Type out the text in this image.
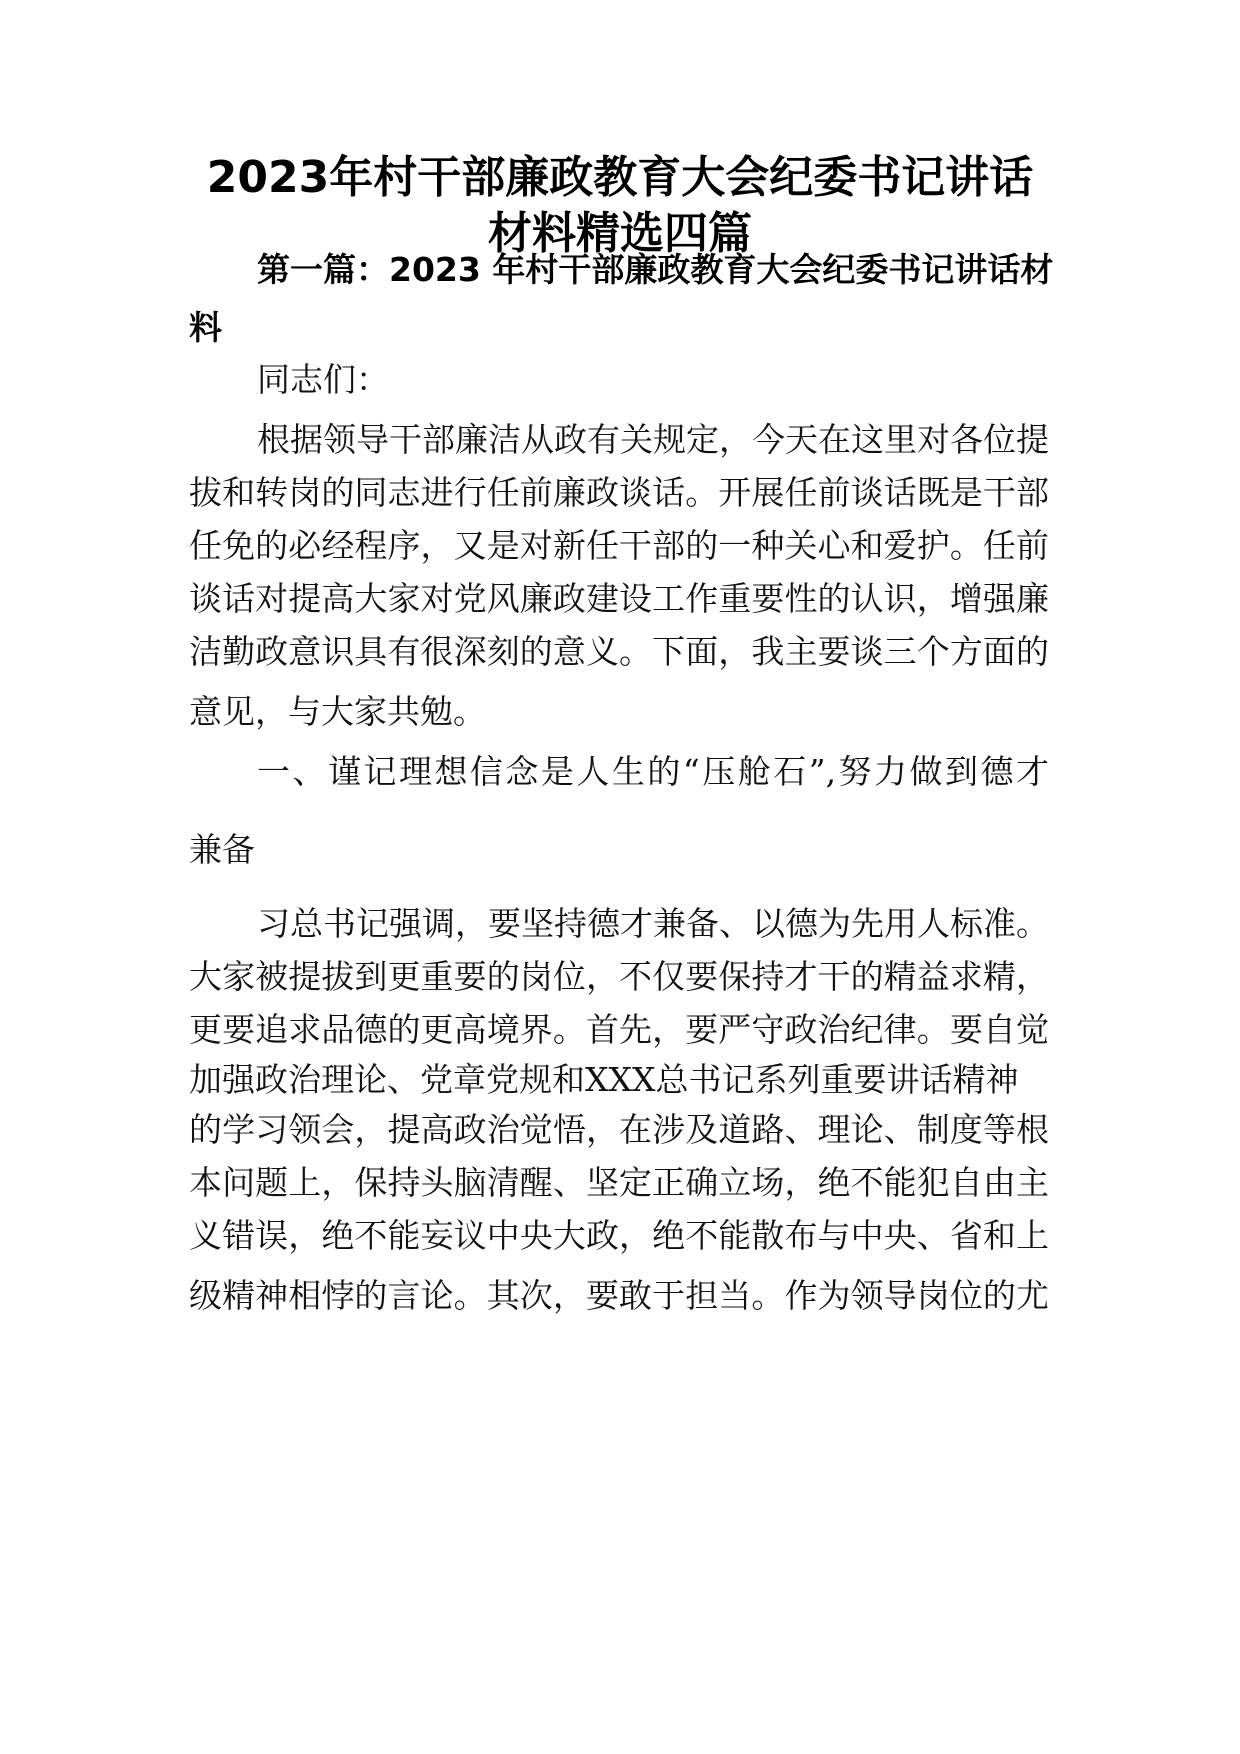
2023年村干部廉政教育大会纪委书记讲话
材料精选四篇
第一篇：2023 年村干部廉政教育大会纪委书记讲话材
料
同志们：
根据领导干部廉洁从政有关规定，今天在这里对各位提
拔和转岗的同志进行任前廉政谈话。开展任前谈话既是干部
任免的必经程序，又是对新任干部的一种关心和爱护。任前
谈话对提高大家对党风廉政建设工作重要性的认识，增强廉
洁勤政意识具有很深刻的意义。下面，我主要谈三个方面的
意见，与大家共勉。
一、谨记理想信念是人生的“压舱石”,努力做到德才
兼备
习总书记强调，要坚持德才兼备、以德为先用人标准。
大家被提拔到更重要的岗位，不仅要保持才干的精益求精，
更要追求品德的更高境界。首先，要严守政治纪律。要自觉
加强政治理论、党章党规和XXX总书记系列重要讲话精神
的学习领会，提高政治觉悟，在涉及道路、理论、制度等根
本问题上，保持头脑清醒、坚定正确立场，绝不能犯自由主
义错误，绝不能妄议中央大政，绝不能散布与中央、省和上
级精神相悖的言论。其次，要敢于担当。作为领导岗位的尤
